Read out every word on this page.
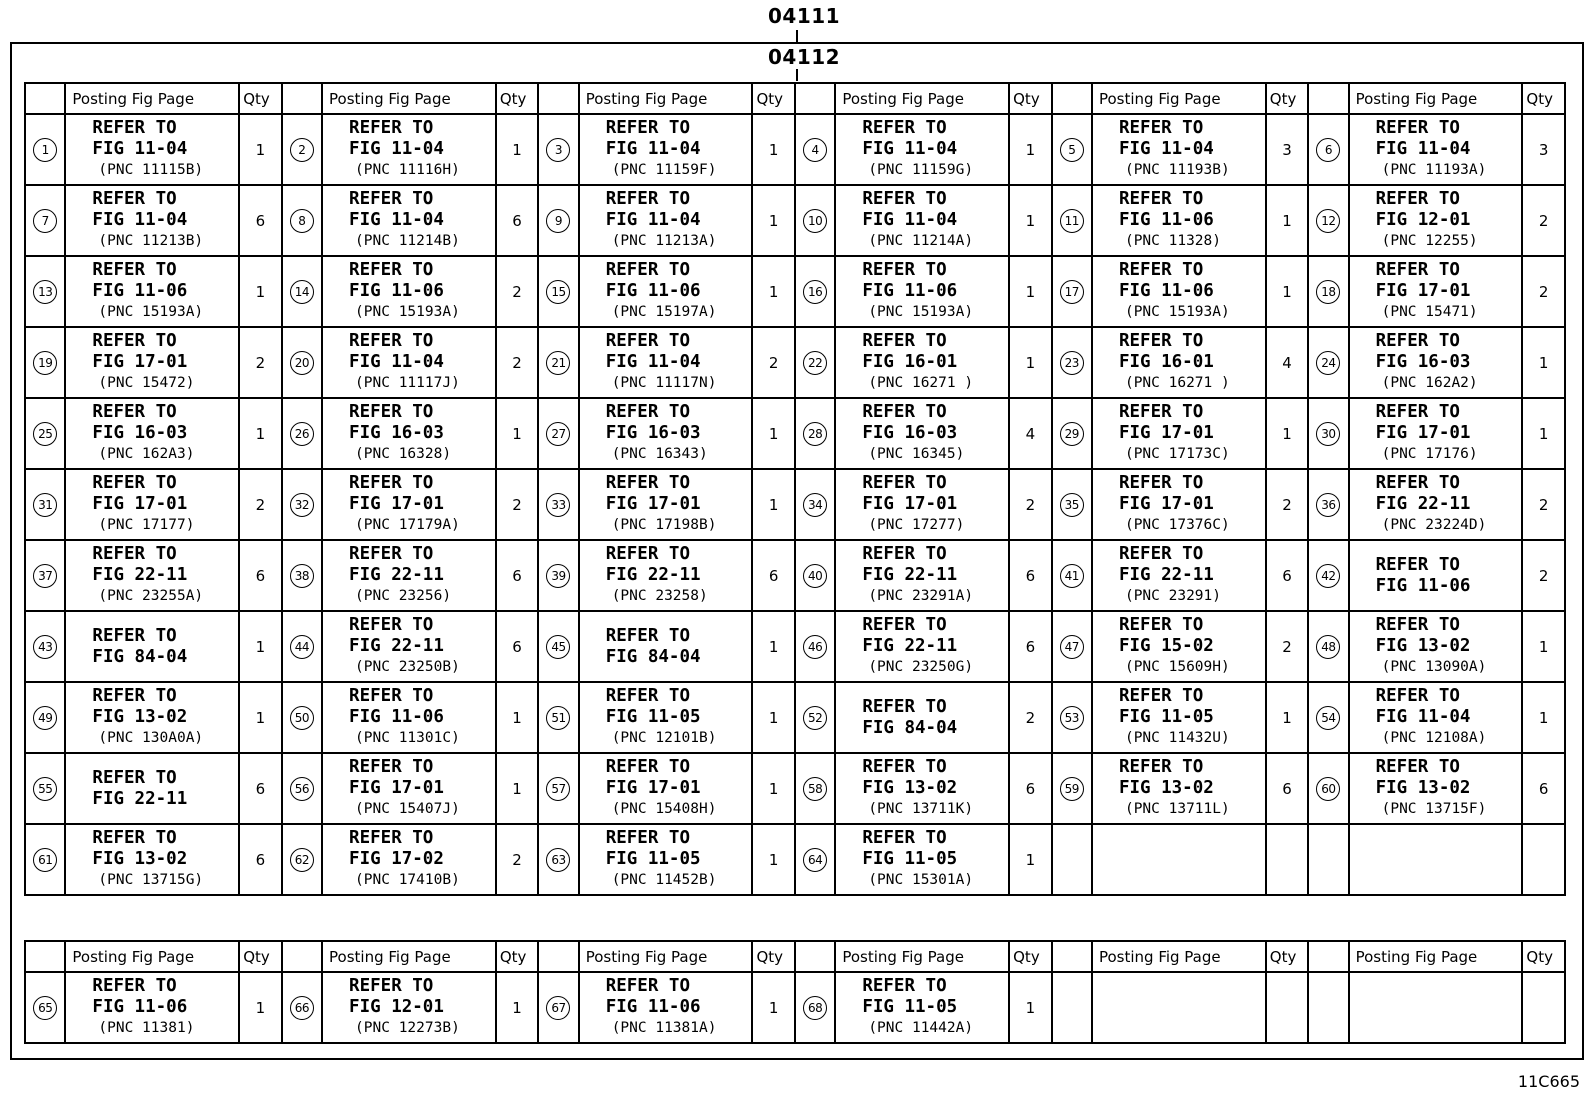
04111
04112
	Posting Fig Page	Qty		Posting Fig Page	Qty		Posting Fig Page	Qty		Posting Fig Page	Qty		Posting Fig Page	Qty		Posting Fig Page	Qty
1	REFER TO
FIG 11-04
(PNC 11115B)	1	2	REFER TO
FIG 11-04
(PNC 11116H)	1	3	REFER TO
FIG 11-04
(PNC 11159F)	1	4	REFER TO
FIG 11-04
(PNC 11159G)	1	5	REFER TO
FIG 11-04
(PNC 11193B)	3	6	REFER TO
FIG 11-04
(PNC 11193A)	3
7	REFER TO
FIG 11-04
(PNC 11213B)	6	8	REFER TO
FIG 11-04
(PNC 11214B)	6	9	REFER TO
FIG 11-04
(PNC 11213A)	1	10	REFER TO
FIG 11-04
(PNC 11214A)	1	11	REFER TO
FIG 11-06
(PNC 11328)	1	12	REFER TO
FIG 12-01
(PNC 12255)	2
13	REFER TO
FIG 11-06
(PNC 15193A)	1	14	REFER TO
FIG 11-06
(PNC 15193A)	2	15	REFER TO
FIG 11-06
(PNC 15197A)	1	16	REFER TO
FIG 11-06
(PNC 15193A)	1	17	REFER TO
FIG 11-06
(PNC 15193A)	1	18	REFER TO
FIG 17-01
(PNC 15471)	2
19	REFER TO
FIG 17-01
(PNC 15472)	2	20	REFER TO
FIG 11-04
(PNC 11117J)	2	21	REFER TO
FIG 11-04
(PNC 11117N)	2	22	REFER TO
FIG 16-01
(PNC 16271 )	1	23	REFER TO
FIG 16-01
(PNC 16271 )	4	24	REFER TO
FIG 16-03
(PNC 162A2)	1
25	REFER TO
FIG 16-03
(PNC 162A3)	1	26	REFER TO
FIG 16-03
(PNC 16328)	1	27	REFER TO
FIG 16-03
(PNC 16343)	1	28	REFER TO
FIG 16-03
(PNC 16345)	4	29	REFER TO
FIG 17-01
(PNC 17173C)	1	30	REFER TO
FIG 17-01
(PNC 17176)	1
31	REFER TO
FIG 17-01
(PNC 17177)	2	32	REFER TO
FIG 17-01
(PNC 17179A)	2	33	REFER TO
FIG 17-01
(PNC 17198B)	1	34	REFER TO
FIG 17-01
(PNC 17277)	2	35	REFER TO
FIG 17-01
(PNC 17376C)	2	36	REFER TO
FIG 22-11
(PNC 23224D)	2
37	REFER TO
FIG 22-11
(PNC 23255A)	6	38	REFER TO
FIG 22-11
(PNC 23256)	6	39	REFER TO
FIG 22-11
(PNC 23258)	6	40	REFER TO
FIG 22-11
(PNC 23291A)	6	41	REFER TO
FIG 22-11
(PNC 23291)	6	42	REFER TO
FIG 11-06	2
43	REFER TO
FIG 84-04	1	44	REFER TO
FIG 22-11
(PNC 23250B)	6	45	REFER TO
FIG 84-04	1	46	REFER TO
FIG 22-11
(PNC 23250G)	6	47	REFER TO
FIG 15-02
(PNC 15609H)	2	48	REFER TO
FIG 13-02
(PNC 13090A)	1
49	REFER TO
FIG 13-02
(PNC 130A0A)	1	50	REFER TO
FIG 11-06
(PNC 11301C)	1	51	REFER TO
FIG 11-05
(PNC 12101B)	1	52	REFER TO
FIG 84-04	2	53	REFER TO
FIG 11-05
(PNC 11432U)	1	54	REFER TO
FIG 11-04
(PNC 12108A)	1
55	REFER TO
FIG 22-11	6	56	REFER TO
FIG 17-01
(PNC 15407J)	1	57	REFER TO
FIG 17-01
(PNC 15408H)	1	58	REFER TO
FIG 13-02
(PNC 13711K)	6	59	REFER TO
FIG 13-02
(PNC 13711L)	6	60	REFER TO
FIG 13-02
(PNC 13715F)	6
61	REFER TO
FIG 13-02
(PNC 13715G)	6	62	REFER TO
FIG 17-02
(PNC 17410B)	2	63	REFER TO
FIG 11-05
(PNC 11452B)	1	64	REFER TO
FIG 11-05
(PNC 15301A)	1						
	Posting Fig Page	Qty		Posting Fig Page	Qty		Posting Fig Page	Qty		Posting Fig Page	Qty		Posting Fig Page	Qty		Posting Fig Page	Qty
65	REFER TO
FIG 11-06
(PNC 11381)	1	66	REFER TO
FIG 12-01
(PNC 12273B)	1	67	REFER TO
FIG 11-06
(PNC 11381A)	1	68	REFER TO
FIG 11-05
(PNC 11442A)	1						
11C665
